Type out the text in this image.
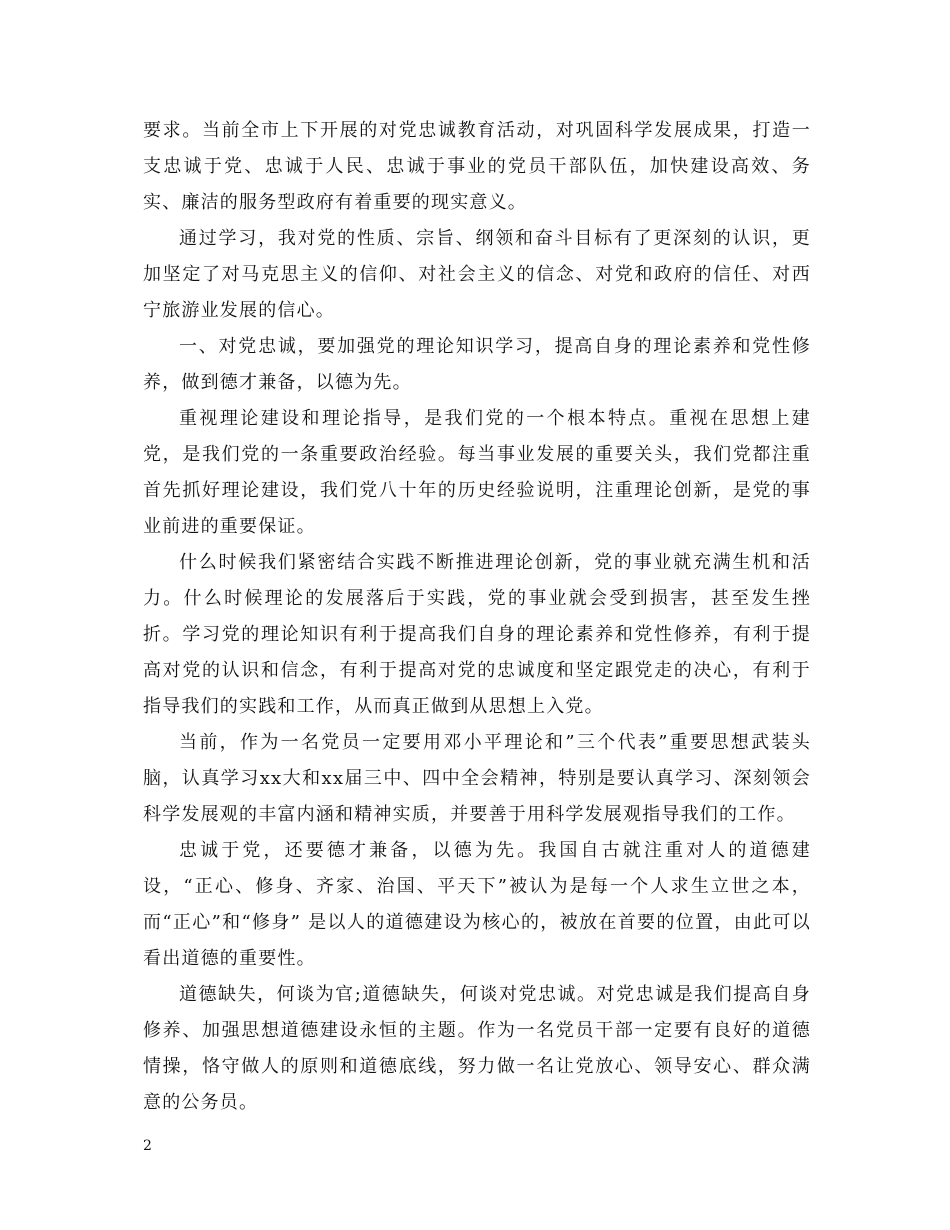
要求。当前全市上下开展的对党忠诚教育活动，对巩固科学发展成果，打造一支忠诚于党、忠诚于人民、忠诚于事业的党员干部队伍，加快建设高效、务实、廉洁的服务型政府有着重要的现实意义。

通过学习，我对党的性质、宗旨、纲领和奋斗目标有了更深刻的认识，更加坚定了对马克思主义的信仰、对社会主义的信念、对党和政府的信任、对西宁旅游业发展的信心。

一、对党忠诚，要加强党的理论知识学习，提高自身的理论素养和党性修养，做到德才兼备，以德为先。

重视理论建设和理论指导，是我们党的一个根本特点。重视在思想上建党，是我们党的一条重要政治经验。每当事业发展的重要关头，我们党都注重首先抓好理论建设，我们党八十年的历史经验说明，注重理论创新，是党的事业前进的重要保证。

什么时候我们紧密结合实践不断推进理论创新，党的事业就充满生机和活力。什么时候理论的发展落后于实践，党的事业就会受到损害，甚至发生挫折。学习党的理论知识有利于提高我们自身的理论素养和党性修养，有利于提高对党的认识和信念，有利于提高对党的忠诚度和坚定跟党走的决心，有利于指导我们的实践和工作，从而真正做到从思想上入党。

当前，作为一名党员一定要用邓小平理论和”三个代表”重要思想武装头脑，认真学习xx大和xx届三中、四中全会精神，特别是要认真学习、深刻领会科学发展观的丰富内涵和精神实质，并要善于用科学发展观指导我们的工作。

忠诚于党，还要德才兼备，以德为先。我国自古就注重对人的道德建设，“正心、修身、齐家、治国、平天下”被认为是每一个人求生立世之本，而“正心”和“修身” 是以人的道德建设为核心的，被放在首要的位置，由此可以看出道德的重要性。

道德缺失，何谈为官;道德缺失，何谈对党忠诚。对党忠诚是我们提高自身修养、加强思想道德建设永恒的主题。作为一名党员干部一定要有良好的道德情操，恪守做人的原则和道德底线，努力做一名让党放心、领导安心、群众满意的公务员。

2
